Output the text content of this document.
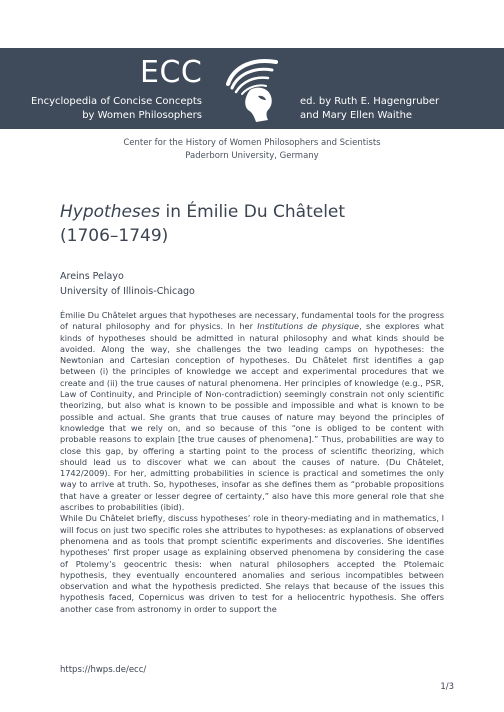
ECC
Encyclopedia of Concise Concepts
by Women Philosophers
ed. by Ruth E. Hagengruber
and Mary Ellen Waithe
Center for the History of Women Philosophers and Scientists
Paderborn University, Germany
Hypotheses in Émilie Du Châtelet
(1706–1749)
Areins Pelayo
University of Illinois-Chicago

Émilie Du Châtelet argues that hypotheses are necessary, fundamental tools for the progress of natural philosophy and for physics. In her Institutions de physique, she explores what kinds of hypotheses should be admitted in natural philosophy and what kinds should be avoided. Along the way, she challenges the two leading camps on hypotheses: the Newtonian and Cartesian conception of hypotheses. Du Châtelet first identifies a gap between (i) the principles of knowledge we accept and experimental procedures that we create and (ii) the true causes of natural phenomena. Her principles of knowledge (e.g., PSR, Law of Continuity, and Principle of Non-contradiction) seemingly constrain not only scientific theorizing, but also what is known to be possible and impossible and what is known to be possible and actual. She grants that true causes of nature may beyond the principles of knowledge that we rely on, and so because of this “one is obliged to be content with probable reasons to explain [the true causes of phenomena].” Thus, probabilities are way to close this gap, by offering a starting point to the process of scientific theorizing, which should lead us to discover what we can about the causes of nature. (Du Châtelet, 1742/2009). For her, admitting probabilities in science is practical and sometimes the only way to arrive at truth. So, hypotheses, insofar as she defines them as “probable propositions that have a greater or lesser degree of certainty,” also have this more general role that she ascribes to probabilities (ibid).

While Du Châtelet briefly, discuss hypotheses’ role in theory-mediating and in mathematics, I will focus on just two specific roles she attributes to hypotheses: as explanations of observed phenomena and as tools that prompt scientific experiments and discoveries. She identifies hypotheses’ first proper usage as explaining observed phenomena by considering the case of Ptolemy’s geocentric thesis: when natural philosophers accepted the Ptolemaic hypothesis, they eventually encountered anomalies and serious incompatibles between observation and what the hypothesis predicted. She relays that because of the issues this hypothesis faced, Copernicus was driven to test for a heliocentric hypothesis. She offers another case from astronomy in order to support the

https://hwps.de/ecc/
1/3
